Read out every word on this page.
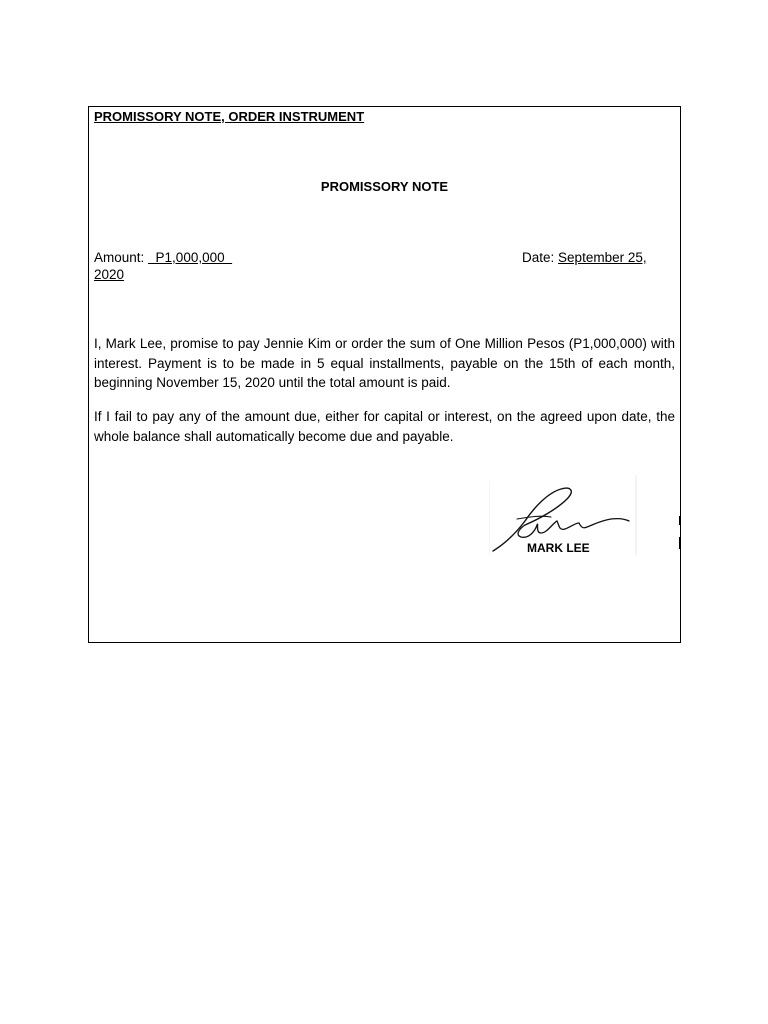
PROMISSORY NOTE, ORDER INSTRUMENT
PROMISSORY NOTE
Amount:   P1,000,000	Date: September 25,
2020

I, Mark Lee, promise to pay Jennie Kim or order the sum of One Million Pesos (P1,000,000) with interest. Payment is to be made in 5 equal installments, payable on the 15th of each month, beginning November 15, 2020 until the total amount is paid.

If I fail to pay any of the amount due, either for capital or interest, on the agreed upon date, the whole balance shall automatically become due and payable.

MARK LEE
